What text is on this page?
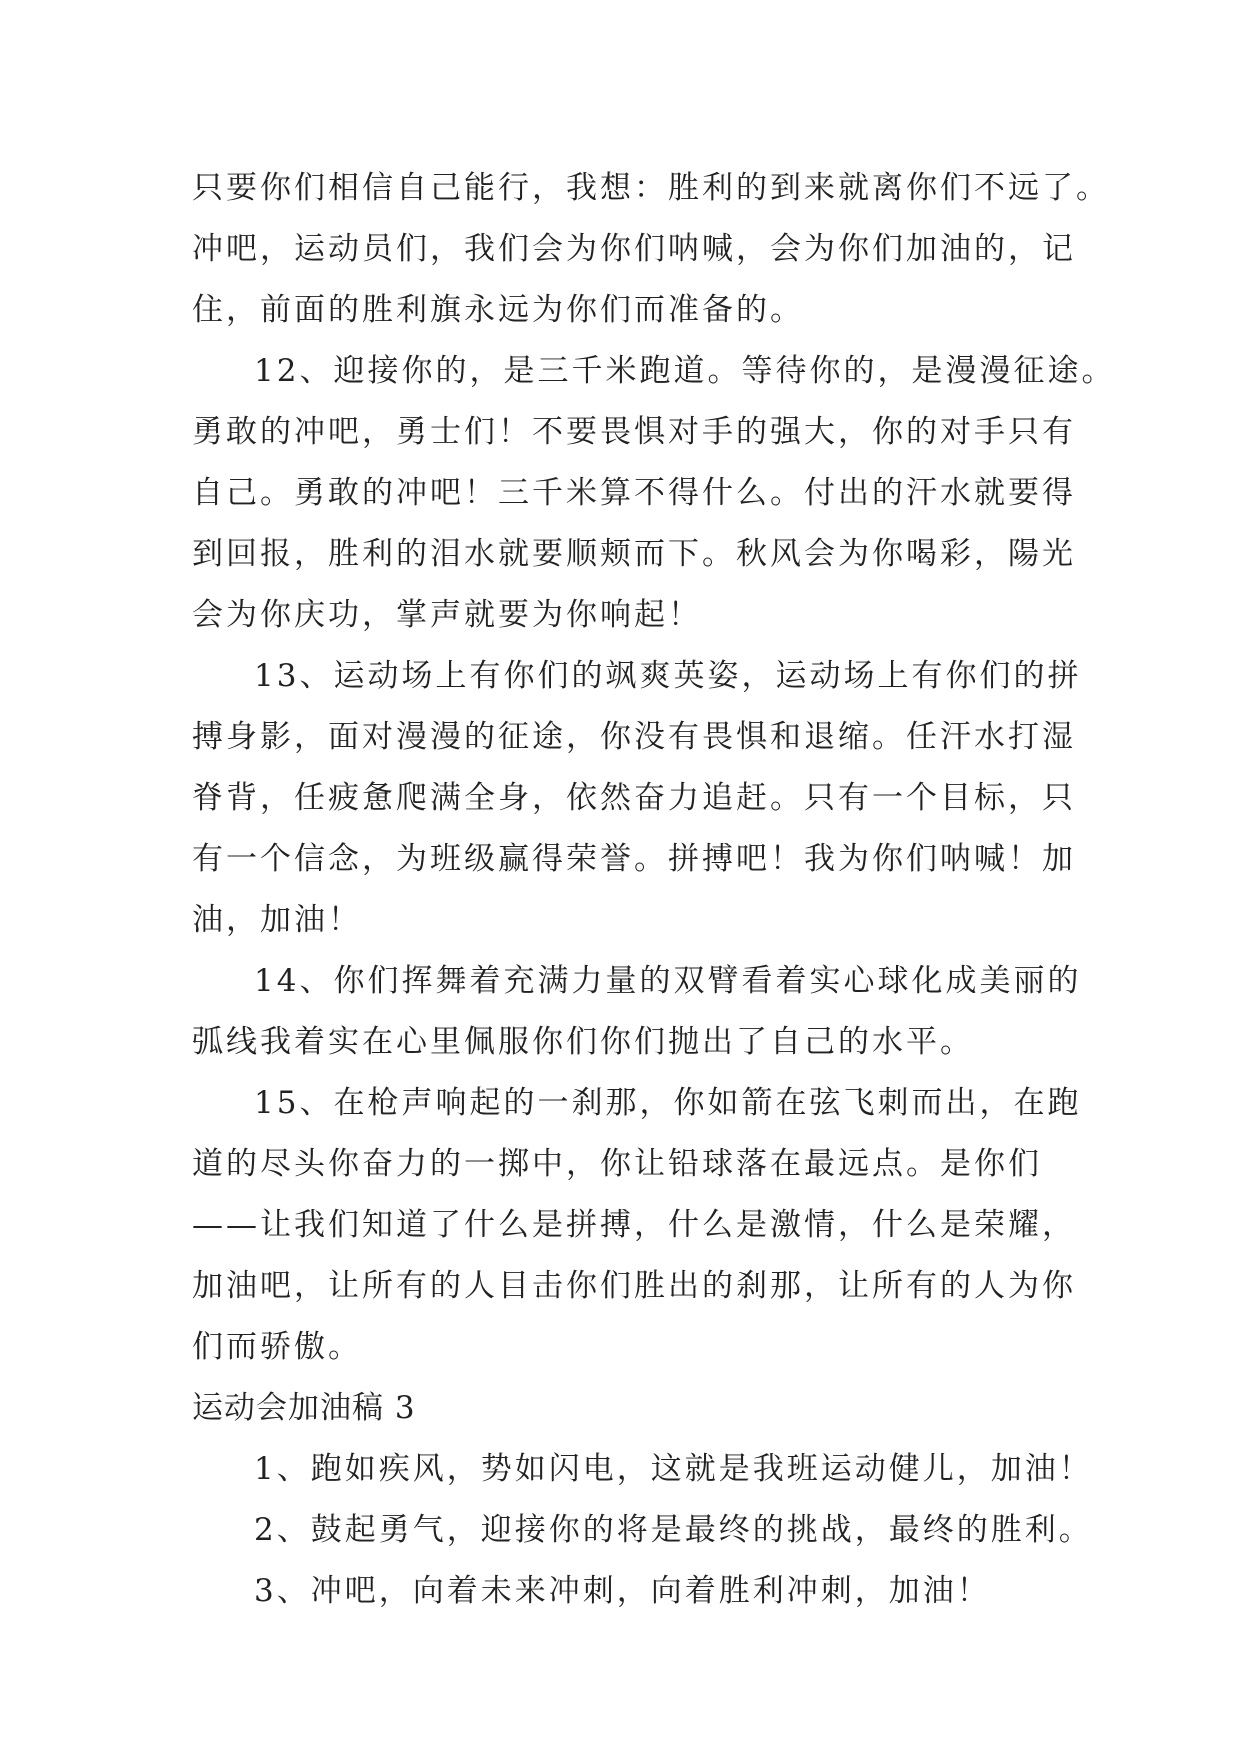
只要你们相信自己能行，我想：胜利的到来就离你们不远了。
冲吧，运动员们，我们会为你们呐喊，会为你们加油的，记
住，前面的胜利旗永远为你们而准备的。
12、迎接你的，是三千米跑道。等待你的，是漫漫征途。
勇敢的冲吧，勇士们！不要畏惧对手的强大，你的对手只有
自己。勇敢的冲吧！三千米算不得什么。付出的汗水就要得
到回报，胜利的泪水就要顺颊而下。秋风会为你喝彩，陽光
会为你庆功，掌声就要为你响起！
13、运动场上有你们的飒爽英姿，运动场上有你们的拼
搏身影，面对漫漫的征途，你没有畏惧和退缩。任汗水打湿
脊背，任疲惫爬满全身，依然奋力追赶。只有一个目标，只
有一个信念，为班级赢得荣誉。拼搏吧！我为你们呐喊！加
油，加油！
14、你们挥舞着充满力量的双臂看着实心球化成美丽的
弧线我着实在心里佩服你们你们抛出了自己的水平。
15、在枪声响起的一刹那，你如箭在弦飞刺而出，在跑
道的尽头你奋力的一掷中，你让铅球落在最远点。是你们
——让我们知道了什么是拼搏，什么是激情，什么是荣耀，
加油吧，让所有的人目击你们胜出的刹那，让所有的人为你
们而骄傲。
运动会加油稿 3
1、跑如疾风，势如闪电，这就是我班运动健儿，加油！
2、鼓起勇气，迎接你的将是最终的挑战，最终的胜利。
3、冲吧，向着未来冲刺，向着胜利冲刺，加油！
